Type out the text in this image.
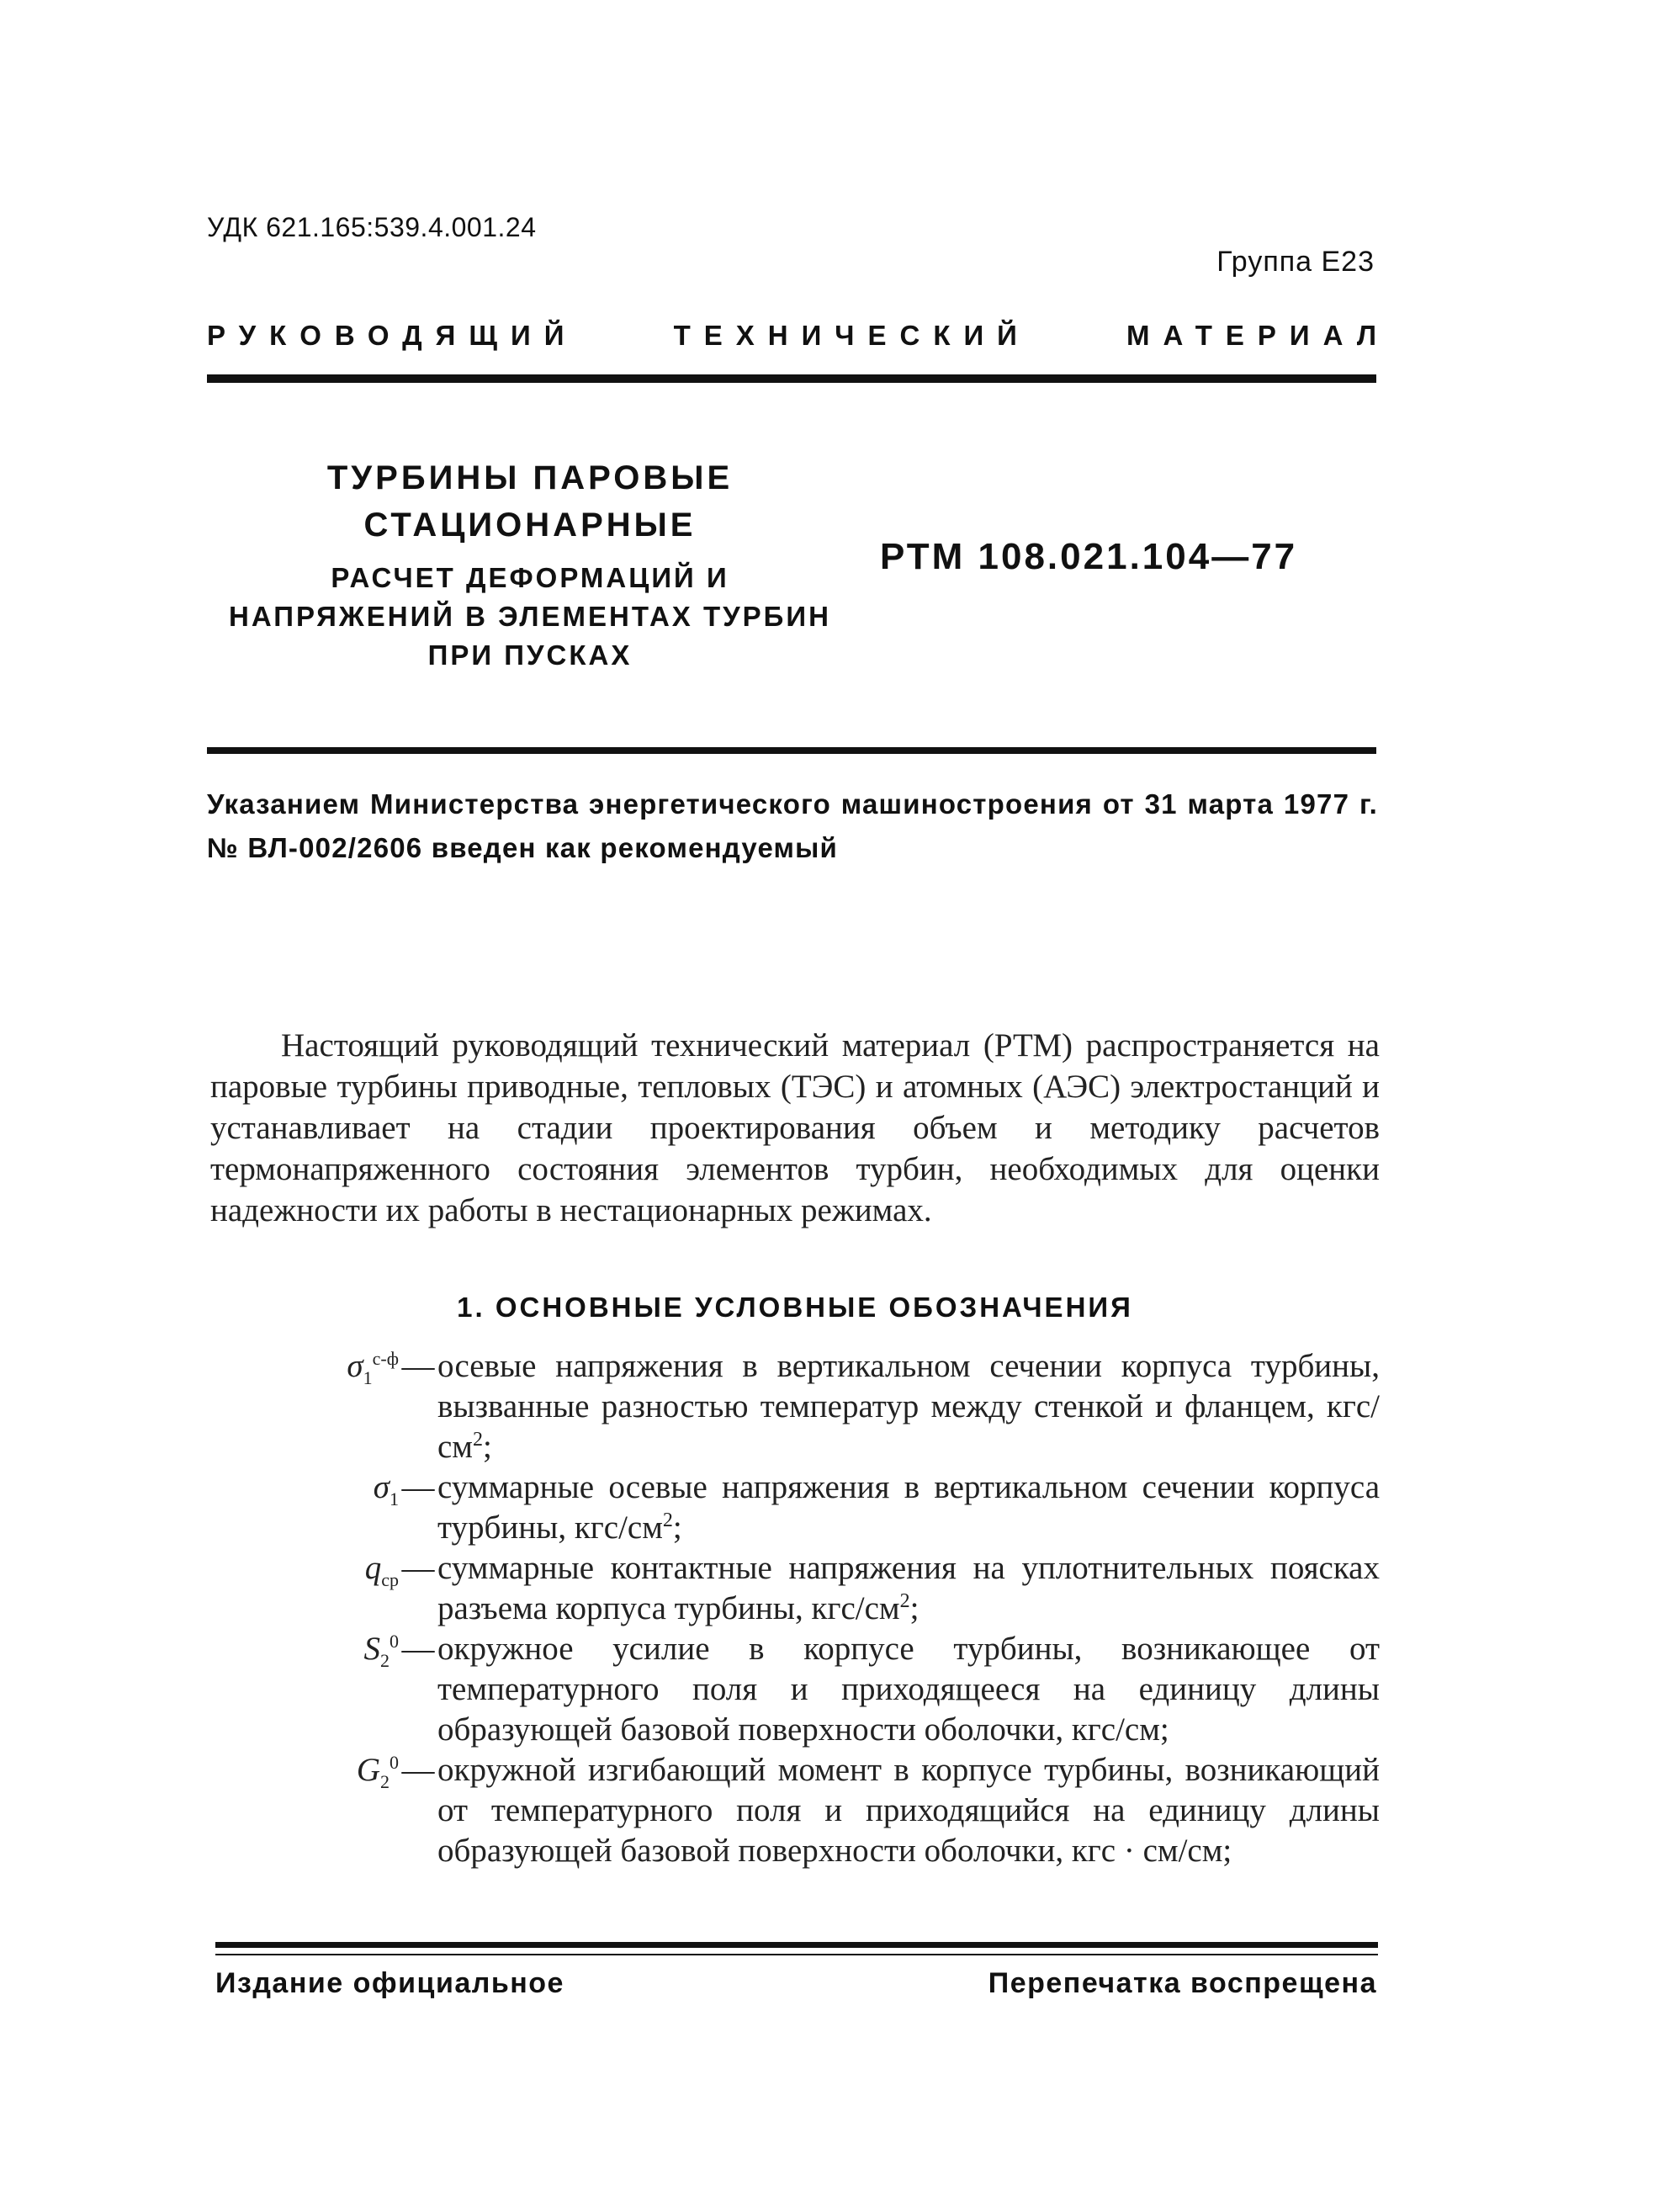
УДК 621.165:539.4.001.24
Группа Е23
РУКОВОДЯЩИЙ	ТЕХНИЧЕСКИЙ	МАТЕРИАЛ
ТУРБИНЫ ПАРОВЫЕ
СТАЦИОНАРНЫЕ
РАСЧЕТ ДЕФОРМАЦИЙ И
НАПРЯЖЕНИЙ В ЭЛЕМЕНТАХ ТУРБИН
ПРИ ПУСКАХ
РТМ 108.021.104—77
Указанием Министерства энергетического машиностроения от 31 марта 1977 г. № ВЛ-002/2606 введен как рекомендуемый

Настоящий руководящий технический материал (РТМ) распространяется на паровые турбины приводные, тепловых (ТЭС) и атомных (АЭС) электростанций и устанавливает на стадии проектирования объем и методику расчетов термонапряженного состояния элементов турбин, необходимых для оценки надежности их работы в нестационарных режимах.

1. ОСНОВНЫЕ УСЛОВНЫЕ ОБОЗНАЧЕНИЯ
$\sigma_1^{с-ф}$ — осевые напряжения в вертикальном сечении корпуса турбины, вызванные разностью температур между стенкой и фланцем, кгс/$см^2$;
$\sigma_1$ — суммарные осевые напряжения в вертикальном сечении корпуса турбины, кгс/$см^2$;
$q_{ср}$ — суммарные контактные напряжения на уплотнительных поясках разъема корпуса турбины, кгс/$см^2$;
$S_2^0$ — окружное усилие в корпусе турбины, возникающее от температурного поля и приходящееся на единицу длины образующей базовой поверхности оболочки, кгс/см;
$G_2^0$ — окружной изгибающий момент в корпусе турбины, возникающий от температурного поля и приходящийся на единицу длины образующей базовой поверхности оболочки, кгс · см/см;
Издание официальное	Перепечатка воспрещена
